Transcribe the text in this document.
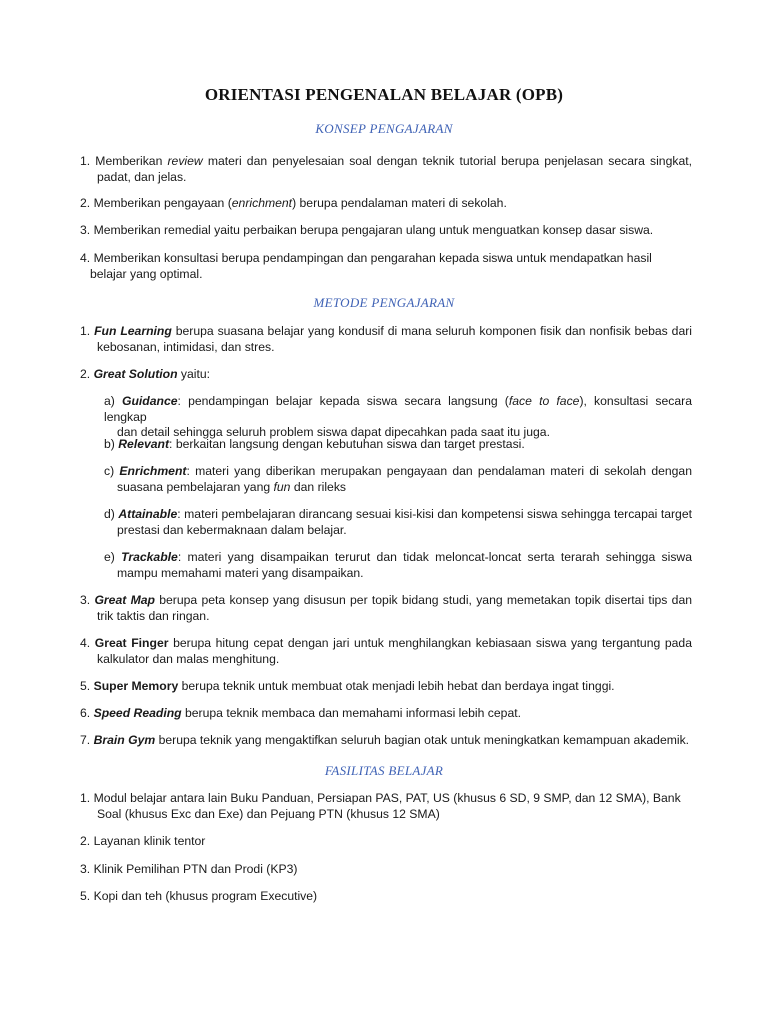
ORIENTASI PENGENALAN BELAJAR (OPB)
KONSEP PENGAJARAN
1. Memberikan review materi dan penyelesaian soal dengan teknik tutorial berupa penjelasan secara singkat,
padat, dan jelas.
2. Memberikan pengayaan (enrichment) berupa pendalaman materi di sekolah.
3. Memberikan remedial yaitu perbaikan berupa pengajaran ulang untuk menguatkan konsep dasar siswa.
4. Memberikan konsultasi berupa pendampingan dan pengarahan kepada siswa untuk mendapatkan hasil
belajar yang optimal.
METODE PENGAJARAN
1. Fun Learning berupa suasana belajar yang kondusif di mana seluruh komponen fisik dan nonfisik bebas dari
kebosanan, intimidasi, dan stres.
2. Great Solution yaitu:
a) Guidance: pendampingan belajar kepada siswa secara langsung (face to face), konsultasi secara lengkap
dan detail sehingga seluruh problem siswa dapat dipecahkan pada saat itu juga.
b) Relevant: berkaitan langsung dengan kebutuhan siswa dan target prestasi.
c) Enrichment: materi yang diberikan merupakan pengayaan dan pendalaman materi di sekolah dengan
suasana pembelajaran yang fun dan rileks
d) Attainable: materi pembelajaran dirancang sesuai kisi-kisi dan kompetensi siswa sehingga tercapai target
prestasi dan kebermaknaan dalam belajar.
e) Trackable: materi yang disampaikan terurut dan tidak meloncat-loncat serta terarah sehingga siswa
mampu memahami materi yang disampaikan.
3. Great Map berupa peta konsep yang disusun per topik bidang studi, yang memetakan topik disertai tips dan
trik taktis dan ringan.
4. Great Finger berupa hitung cepat dengan jari untuk menghilangkan kebiasaan siswa yang tergantung pada
kalkulator dan malas menghitung.
5. Super Memory berupa teknik untuk membuat otak menjadi lebih hebat dan berdaya ingat tinggi.
6. Speed Reading berupa teknik membaca dan memahami informasi lebih cepat.
7. Brain Gym berupa teknik yang mengaktifkan seluruh bagian otak untuk meningkatkan kemampuan akademik.
FASILITAS BELAJAR
1. Modul belajar antara lain Buku Panduan, Persiapan PAS, PAT, US (khusus 6 SD, 9 SMP, dan 12 SMA), Bank
Soal (khusus Exc dan Exe) dan Pejuang PTN (khusus 12 SMA)
2. Layanan klinik tentor
3. Klinik Pemilihan PTN dan Prodi (KP3)
5. Kopi dan teh (khusus program Executive)
